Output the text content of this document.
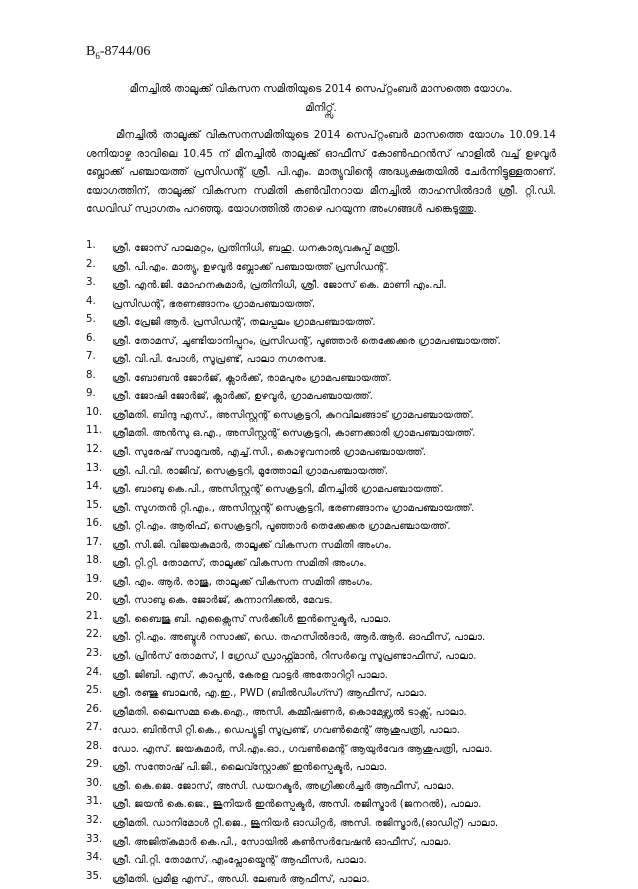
$B_6-8744/06$
മീനച്ചിൽ താലൂക്ക് വികസന സമിതിയുടെ 2014 സെപ്റ്റംബർ മാസത്തെ യോഗം.
മിനിറ്റ്സ്.

മീനച്ചിൽ താലൂക്ക് വികസനസമിതിയുടെ 2014 സെപ്റ്റംബർ മാസത്തെ യോഗം 10.09.14 ശനിയാഴ്ച രാവിലെ 10.45 ന് മീനച്ചിൽ താലൂക്ക് ഓഫീസ് കോൺഫറൻസ് ഹാളിൽ വച്ച് ഉഴവൂർ ബ്ലോക്ക് പഞ്ചായത്ത് പ്രസിഡന്റ് ശ്രീ. പി.എം. മാത്യുവിന്റെ അദ്ധ്യക്ഷതയിൽ ചേർന്നിട്ടുള്ളതാണ്. യോഗത്തിന്, താലൂക്ക് വികസന സമിതി കൺവീനറായ മീനച്ചിൽ താഹസിൽദാർ ശ്രീ. റ്റി.ഡി. ഡേവിഡ് സ്വാഗതം പറഞ്ഞു. യോഗത്തിൽ താഴെ പറയുന്ന അംഗങ്ങൾ പങ്കെടുത്തു.

1.	ശ്രീ. ജോസ് പാലമറ്റം, പ്രതിനിധി, ബഹു. ധനകാര്യവകുപ്പ് മന്ത്രി.
2.	ശ്രീ. പി.എം. മാത്യു, ഉഴവൂർ ബ്ലോക്ക് പഞ്ചായത്ത് പ്രസിഡന്റ്.
3.	ശ്രീ. എൻ.ജി. മോഹനകുമാർ, പ്രതിനിധി, ശ്രീ. ജോസ് കെ. മാണി എം.പി.
4.	പ്രസിഡന്റ്, ഭരണങ്ങാനം ഗ്രാമപഞ്ചായത്ത്.
5.	ശ്രീ. പ്രേജി ആർ. പ്രസിഡന്റ്, തലപ്പലം ഗ്രാമപഞ്ചായത്ത്.
6.	ശ്രീ. തോമസ്, ചൂണ്ടിയാനിപ്പുറം, പ്രസിഡന്റ്, പൂഞ്ഞാർ തെക്കേക്കര ഗ്രാമപഞ്ചായത്ത്.
7.	ശ്രീ. വി.പി. പോൾ, സൂപ്രണ്ട്, പാലാ നഗരസഭ.
8.	ശ്രീ. ബോബൻ ജോർജ്, ക്ലാർക്ക്, രാമപുരം ഗ്രാമപഞ്ചായത്ത്.
9.	ശ്രീ. ജോഷി ജോർജ്, ക്ലാർക്ക്, ഉഴവൂർ, ഗ്രാമപഞ്ചായത്ത്.
10. ശ്രീമതി. ബിന്ദു എസ്., അസിസ്റ്റന്റ് സെക്രട്ടറി, കുറവിലങ്ങാട് ഗ്രാമപഞ്ചായത്ത്.
11. ശ്രീമതി. അൻസു ഒ.എ., അസിസ്റ്റന്റ് സെക്രട്ടറി, കാണക്കാരി ഗ്രാമപഞ്ചായത്ത്.
12. ശ്രീ. സുരേഷ് സാമുവൽ, എച്ച്.സി., കൊഴുവനാൽ ഗ്രാമപഞ്ചായത്ത്.
13. ശ്രീ. പി.വി. രാജീവ്, സെക്രട്ടറി, മൂത്തോലി ഗ്രാമപഞ്ചായത്ത്.
14. ശ്രീ. ബാബു കെ.പി., അസിസ്റ്റന്റ് സെക്രട്ടറി, മീനച്ചിൽ ഗ്രാമപഞ്ചായത്ത്.
15. ശ്രീ. സുഗതൻ റ്റി.എം., അസിസ്റ്റന്റ് സെക്രട്ടറി, ഭരണങ്ങാനം ഗ്രാമപഞ്ചായത്ത്.
16. ശ്രീ. റ്റി.എം. ആരിഫ്, സെക്രട്ടറി, പൂഞ്ഞാർ തെക്കേക്കര ഗ്രാമപഞ്ചായത്ത്.
17. ശ്രീ. സി.ജി. വിജയകുമാർ, താലൂക്ക് വികസന സമിതി അംഗം.
18. ശ്രീ. റ്റി.റ്റി. തോമസ്, താലൂക്ക് വികസന സമിതി അംഗം.
19. ശ്രീ. എം. ആർ. രാജു, താലൂക്ക് വികസന സമിതി അംഗം.
20. ശ്രീ. സാബു കെ. ജോർജ്, കുന്നാനിക്കൽ, മേവട.
21. ശ്രീ. ബൈജു ബി. എക്സൈസ് സർക്കിൾ ഇൻസ്പെക്ടർ, പാലാ.
22. ശ്രീ. റ്റി.എം. അബ്ദുൾ റസാക്ക്, ഡെ. തഹസിൽദാർ, ആർ.ആർ. ഓഫീസ്, പാലാ.
23. ശ്രീ. പ്രിൻസ് തോമസ്, I ഗ്രേഡ് ഡ്രാഫ്റ്റ്മാൻ, റീസർവ്വെ സൂപ്രണ്ടാഫീസ്, പാലാ.
24. ശ്രീ. ജിബി. എസ്. കാപ്പൻ, കേരള വാട്ടർ അതോറിറ്റി പാലാ.
25. ശ്രീ. രഞ്ജു ബാലൻ, എ.ഇ., PWD (ബിൽഡിംഗ്സ്) ആഫീസ്, പാലാ.
26. ശ്രീമതി. ലൈസമ്മ കെ.ഐ., അസി. കമ്മീഷണർ, കൊമേഴ്സ്യൽ ടാക്സ്, പാലാ.
27. ഡോ. ബിൻസി റ്റി.കെ., ഡെപ്യൂട്ടി സൂപ്രണ്ട്, ഗവൺമെന്റ് ആശുപത്രി, പാലാ.
28. ഡോ. എസ്. ജയകുമാർ, സി.എം.ഓ., ഗവൺമെന്റ് ആയുർവേദ ആശുപത്രി, പാലാ.
29. ശ്രീ. സന്തോഷ് പി.ജി., ലൈവ്സ്റ്റോക്ക് ഇൻസ്പെക്ടർ, പാലാ.
30. ശ്രീ. കെ.ജെ. ജോസ്, അസി. ഡയറക്ടർ, അഗ്രിക്കൾച്ചർ ആഫീസ്, പാലാ.
31. ശ്രീ. ജയൻ കെ.ജെ., ജൂനിയർ ഇൻസ്പെക്ടർ, അസി. രജിസ്ട്രാർ (ജനറൽ), പാലാ.
32. ശ്രീമതി. ഡാനിമോൾ റ്റി.ജെ., ജൂനിയർ ഓഡിറ്റർ, അസി. രജിസ്ട്രാർ,(ഓഡിറ്റ്) പാലാ.
33. ശ്രീ. അജിത്കുമാർ കെ.പി., സോയിൽ കൺസർവേഷൻ ഓഫീസ്, പാലാ.
34. ശ്രീ. വി.റ്റി. തോമസ്, എംപ്ലോയ്മെന്റ് ആഫീസർ, പാലാ.
35. ശ്രീമതി. പ്രമീള എസ്., അഡി. ലേബർ ആഫീസ്, പാലാ.
